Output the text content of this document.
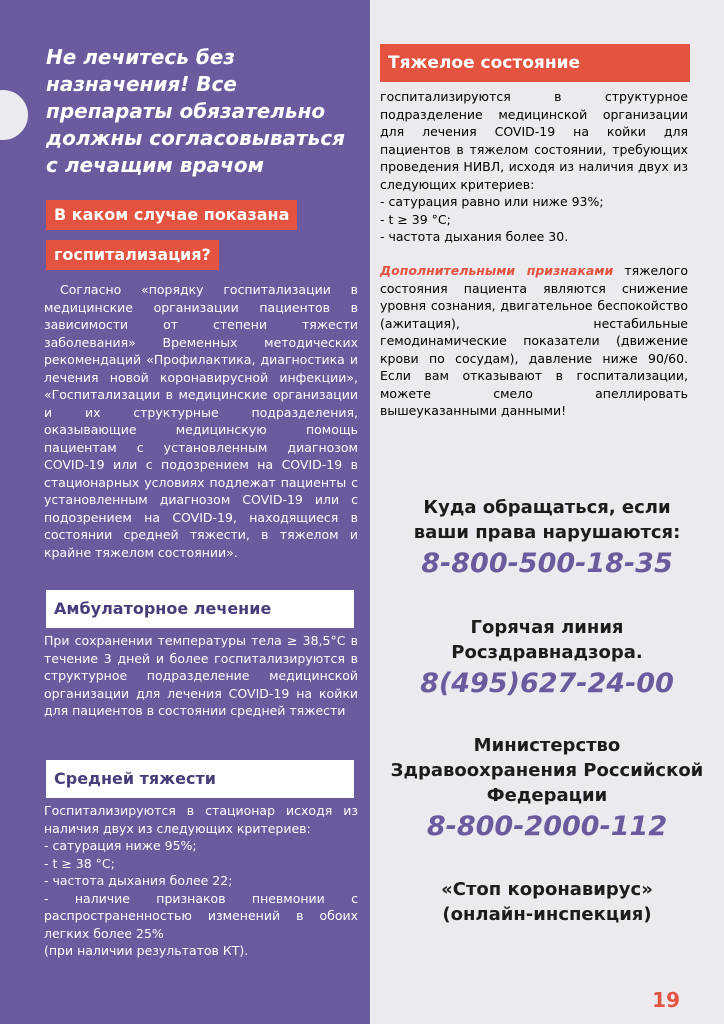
Не лечитесь без назначения! Все препараты обязательно должны согласовываться с лечащим врачом
В каком случае показана
госпитализация?
Согласно «порядку госпитализации в медицинские организации пациентов в зависимости от степени тяжести заболевания» Временных методических рекомендаций «Профилактика, диагностика и лечения новой коронавирусной инфекции», «Госпитализации в медицинские организации и их структурные подразделения, оказывающие медицинскую помощь пациентам с установленным диагнозом COVID-19 или с подозрением на COVID-19 в стационарных условиях подлежат пациенты с установленным диагнозом COVID-19 или с подозрением на COVID-19, находящиеся в состоянии средней тяжести, в тяжелом и крайне тяжелом состоянии».
Амбулаторное лечение
При сохранении температуры тела ≥ 38,5°С в течение 3 дней и более госпитализируются в структурное подразделение медицинской организации для лечения COVID-19 на койки для пациентов в состоянии средней тяжести
Средней тяжести

Госпитализируются в стационар исходя из наличия двух из следующих критериев:

- сатурация ниже 95%;

- t ≥ 38 °С;

- частота дыхания более 22;

- наличие признаков пневмонии с распространенностью изменений в обоих легких более 25%

(при наличии результатов КТ).

Тяжелое состояние

госпитализируются в структурное подразделение медицинской организации для лечения COVID-19 на койки для пациентов в тяжелом состоянии, требующих проведения НИВЛ, исходя из наличия двух из следующих критериев:

- сатурация равно или ниже 93%;

- t ≥ 39 °С;

- частота дыхания более 30.

Дополнительными признаками тяжелого состояния пациента являются снижение уровня сознания, двигательное беспокойство (ажитация), нестабильные гемодинамические показатели (движение крови по сосудам), давление ниже 90/60. Если вам отказывают в госпитализации, можете смело апеллировать вышеуказанными данными!

Куда обращаться, если ваши права нарушаются:
8-800-500-18-35
Горячая линия Росздравнадзора.
8(495)627-24-00
Министерство Здравоохранения Российской Федерации
8-800-2000-112
«Стоп коронавирус» (онлайн-инспекция)
19
